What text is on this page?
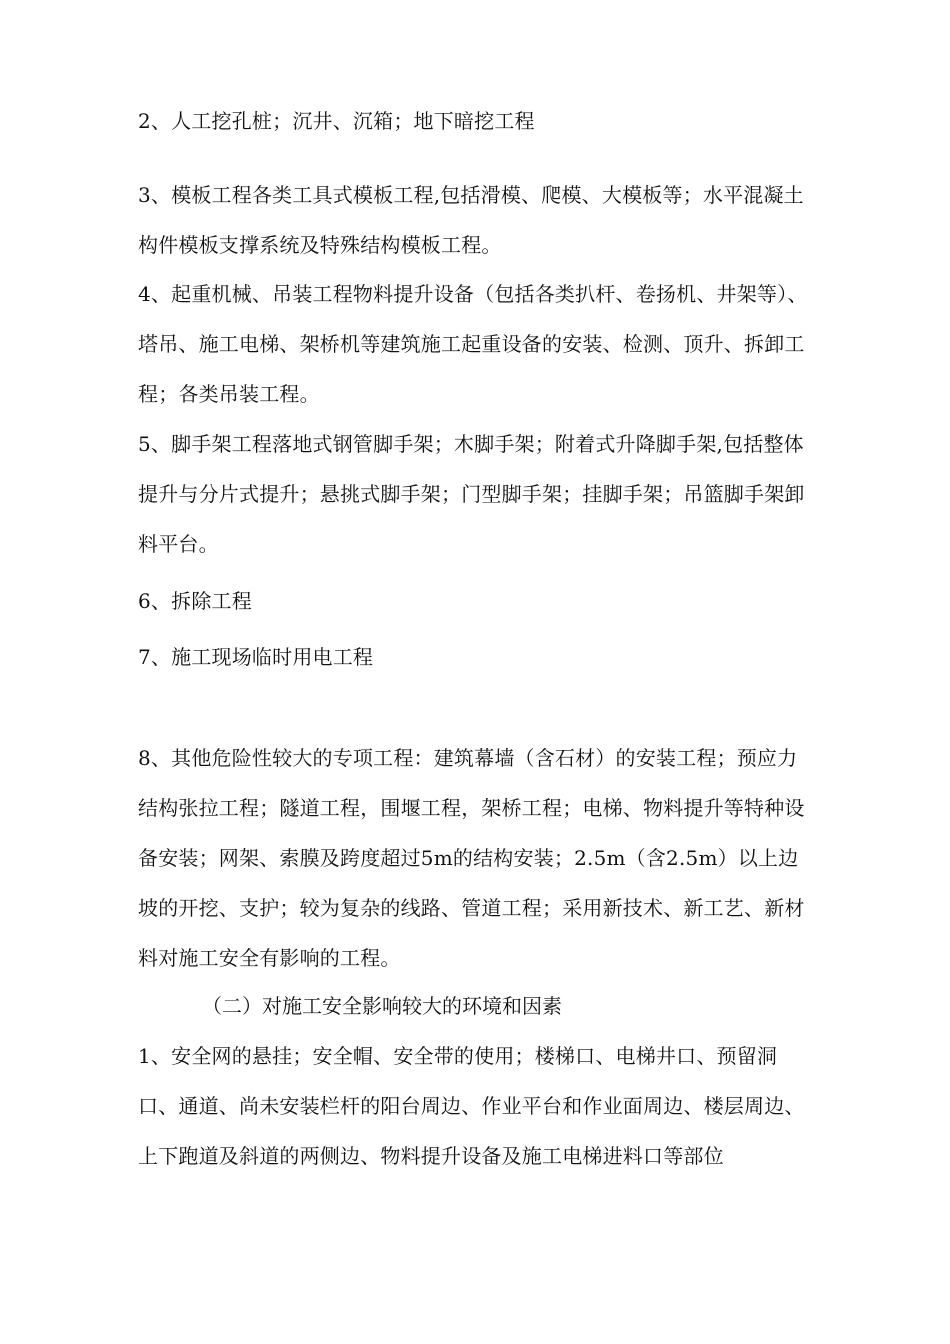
2、人工挖孔桩；沉井、沉箱；地下暗挖工程

3、模板工程各类工具式模板工程,包括滑模、爬模、大模板等；水平混凝土构件模板支撑系统及特殊结构模板工程。

4、起重机械、吊装工程物料提升设备（包括各类扒杆、卷扬机、井架等）、塔吊、施工电梯、架桥机等建筑施工起重设备的安装、检测、顶升、拆卸工程；各类吊装工程。

5、脚手架工程落地式钢管脚手架；木脚手架；附着式升降脚手架,包括整体提升与分片式提升；悬挑式脚手架；门型脚手架；挂脚手架；吊篮脚手架卸料平台。

6、拆除工程

7、施工现场临时用电工程

8、其他危险性较大的专项工程：建筑幕墙（含石材）的安装工程；预应力结构张拉工程；隧道工程，围堰工程，架桥工程；电梯、物料提升等特种设备安装；网架、索膜及跨度超过5m的结构安装；2.5m（含2.5m）以上边坡的开挖、支护；较为复杂的线路、管道工程；采用新技术、新工艺、新材料对施工安全有影响的工程。

（二）对施工安全影响较大的环境和因素

1、安全网的悬挂；安全帽、安全带的使用；楼梯口、电梯井口、预留洞口、通道、尚未安装栏杆的阳台周边、作业平台和作业面周边、楼层周边、上下跑道及斜道的两侧边、物料提升设备及施工电梯进料口等部位
